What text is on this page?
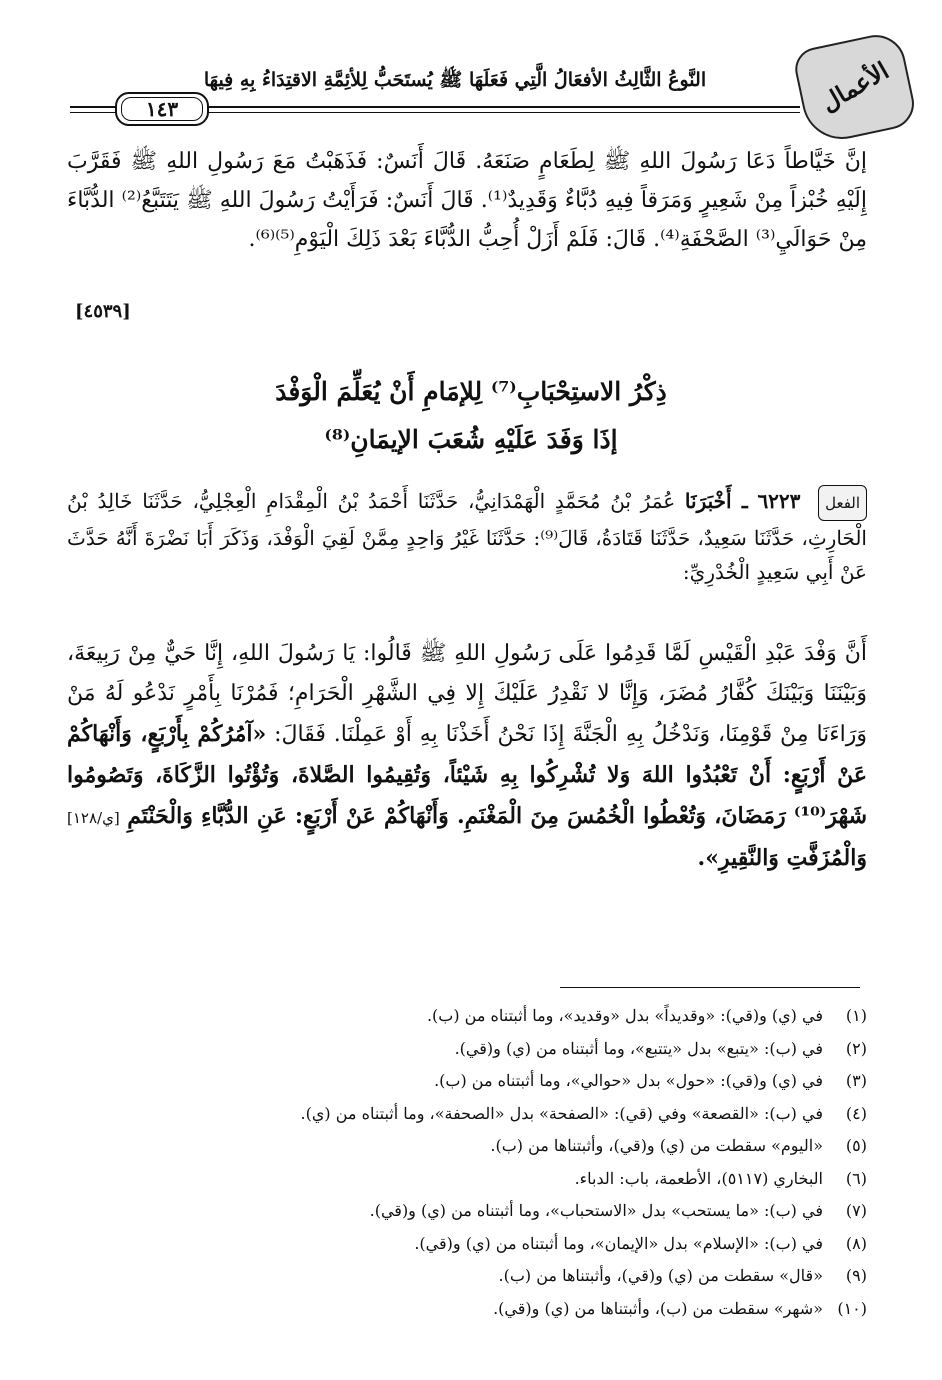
الأعمال
النَّوعُ الثَّالِثُ الأفعَالُ الَّتِي فَعَلَهَا ﷺ يُستَحَبُّ لِلأئِمَّةِ الاقتِدَاءُ بِهِ فِيهَا
١٤٣
إنَّ خَيَّاطاً دَعَا رَسُولَ اللهِ ﷺ لِطَعَامٍ صَنَعَهُ. قَالَ أَنَسٌ: فَذَهَبْتُ مَعَ رَسُولِ اللهِ ﷺ فَقَرَّبَ إِلَيْهِ خُبْزاً مِنْ شَعِيرٍ وَمَرَقاً فِيهِ دُبَّاءٌ وَقَدِيدٌ⁽¹⁾. قَالَ أَنَسٌ: فَرَأَيْتُ رَسُولَ اللهِ ﷺ يَتَتَبَّعُ⁽²⁾ الدُّبَّاءَ مِنْ حَوَالَيِ⁽³⁾ الصَّحْفَةِ⁽⁴⁾. قَالَ: فَلَمْ أَزَلْ أُحِبُّ الدُّبَّاءَ بَعْدَ ذَلِكَ الْيَوْمِ⁽⁵⁾⁽⁶⁾.
[٤٥٣٩]
ذِكْرُ الاستِحْبَابِ⁽⁷⁾ لِلإمَامِ أَنْ يُعَلِّمَ الْوَفْدَ
إذَا وَفَدَ عَلَيْهِ شُعَبَ الإيمَانِ⁽⁸⁾
الفعل ٦٢٢٣ ـ أَخْبَرَنَا عُمَرُ بْنُ مُحَمَّدٍ الْهَمْدَانِيُّ، حَدَّثَنَا أَحْمَدُ بْنُ الْمِقْدَامِ الْعِجْلِيُّ، حَدَّثَنَا خَالِدُ بْنُ الْحَارِثِ، حَدَّثَنَا سَعِيدٌ، حَدَّثَنَا قَتَادَةُ، قَالَ⁽⁹⁾: حَدَّثَنَا غَيْرُ وَاحِدٍ مِمَّنْ لَقِيَ الْوَفْدَ، وَذَكَرَ أَبَا نَضْرَةَ أَنَّهُ حَدَّثَ عَنْ أَبِي سَعِيدٍ الْخُدْرِيِّ:
أَنَّ وَفْدَ عَبْدِ الْقَيْسِ لَمَّا قَدِمُوا عَلَى رَسُولِ اللهِ ﷺ قَالُوا: يَا رَسُولَ اللهِ، إِنَّا حَيٌّ مِنْ رَبِيعَةَ، وَبَيْنَنَا وَبَيْنَكَ كُفَّارُ مُضَرَ، وَإِنَّا لا نَقْدِرُ عَلَيْكَ إِلا فِي الشَّهْرِ الْحَرَامِ؛ فَمُرْنَا بِأَمْرٍ نَدْعُو لَهُ مَنْ وَرَاءَنَا مِنْ قَوْمِنَا، وَنَدْخُلُ بِهِ الْجَنَّةَ إِذَا نَحْنُ أَخَذْنَا بِهِ أَوْ عَمِلْنَا. فَقَالَ: «آمُرُكُمْ بِأَرْبَعٍ، وَأَنْهَاكُمْ عَنْ أَرْبَعٍ: أَنْ تَعْبُدُوا اللهَ وَلا تُشْرِكُوا بِهِ شَيْئاً، وَتُقِيمُوا الصَّلاةَ، وَتُؤْتُوا الزَّكَاةَ، وَتَصُومُوا شَهْرَ⁽¹⁰⁾ رَمَضَانَ، وَتُعْطُوا الْخُمُسَ مِنَ الْمَغْنَمِ. وَأَنْهَاكُمْ عَنْ أَرْبَعٍ: عَنِ الدُّبَّاءِ وَالْحَنْتَمِ [ي/١٢٨] وَالْمُزَفَّتِ وَالنَّقِيرِ».
(١)في (ي) و(قي): «وقديداً» بدل «وقديد»، وما أثبتناه من (ب).
(٢)في (ب): «يتبع» بدل «يتتبع»، وما أثبتناه من (ي) و(قي).
(٣)في (ي) و(قي): «حول» بدل «حوالي»، وما أثبتناه من (ب).
(٤)في (ب): «القصعة» وفي (قي): «الصفحة» بدل «الصحفة»، وما أثبتناه من (ي).
(٥)«اليوم» سقطت من (ي) و(قي)، وأثبتناها من (ب).
(٦)البخاري (٥١١٧)، الأطعمة، باب: الدباء.
(٧)في (ب): «ما يستحب» بدل «الاستحباب»، وما أثبتناه من (ي) و(قي).
(٨)في (ب): «الإسلام» بدل «الإيمان»، وما أثبتناه من (ي) و(قي).
(٩)«قال» سقطت من (ي) و(قي)، وأثبتناها من (ب).
(١٠)«شهر» سقطت من (ب)، وأثبتناها من (ي) و(قي).
